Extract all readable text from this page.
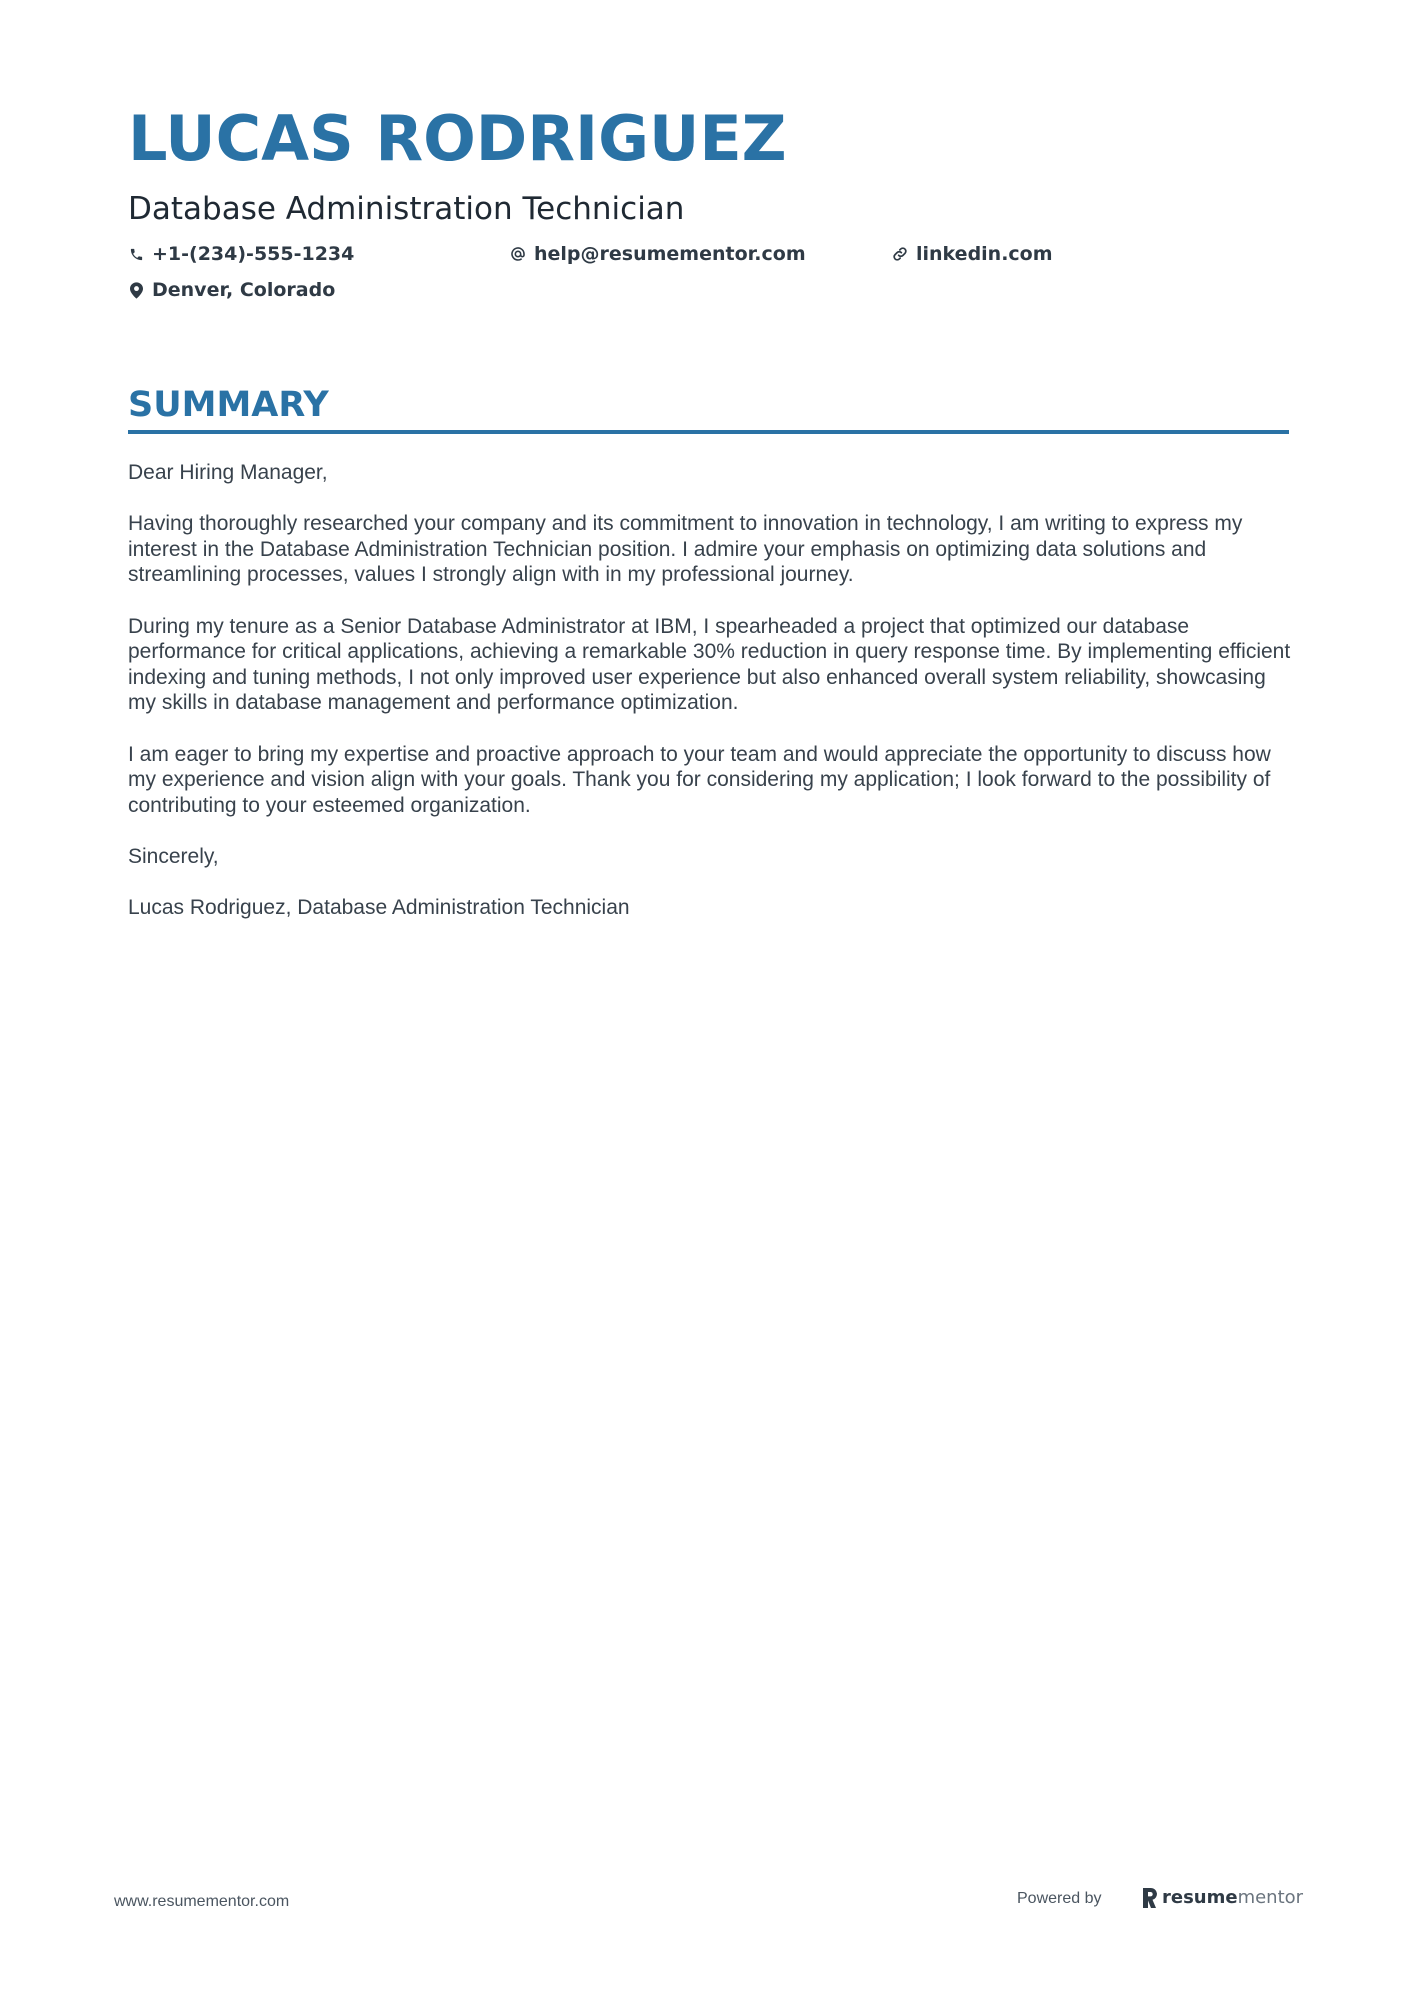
LUCAS RODRIGUEZ
Database Administration Technician
+1-(234)-555-1234	help@resumementor.com	linkedin.com
Denver, Colorado
SUMMARY

Dear Hiring Manager,

Having thoroughly researched your company and its commitment to innovation in technology, I am writing to express my interest in the Database Administration Technician position. I admire your emphasis on optimizing data solutions and streamlining processes, values I strongly align with in my professional journey.

During my tenure as a Senior Database Administrator at IBM, I spearheaded a project that optimized our database performance for critical applications, achieving a remarkable 30% reduction in query response time. By implementing efficient indexing and tuning methods, I not only improved user experience but also enhanced overall system reliability, showcasing my skills in database management and performance optimization.

I am eager to bring my expertise and proactive approach to your team and would appreciate the opportunity to discuss how my experience and vision align with your goals. Thank you for considering my application; I look forward to the possibility of contributing to your esteemed organization.

Sincerely,

Lucas Rodriguez, Database Administration Technician

www.resumementor.com	Powered by	resume mentor
